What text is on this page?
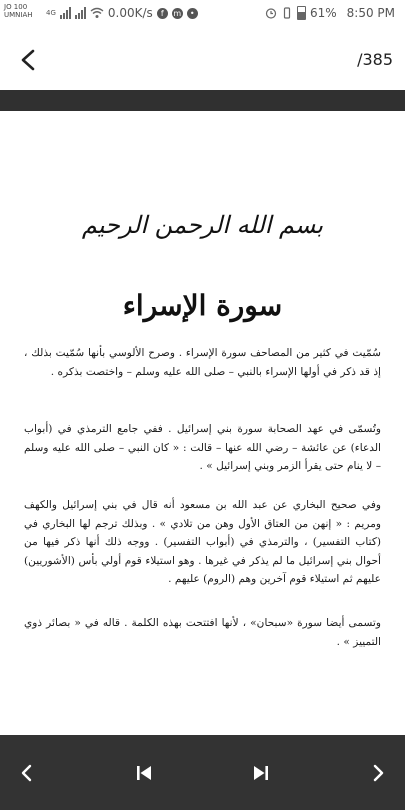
JO 100
UMNIAH 4G	0.00K/s	f	m	•	61% 8:50 PM
/385
بسم الله الرحمن الرحيم
سورة الإسراء
سُمّيت في كثير من المصاحف سورة الإسراء . وصرح الألوسي بأنها سُمّيت بذلك ، إذ قد ذكر في أولها الإسراء بالنبي – صلى الله عليه وسلم – واختصت بذكره .
وتُسمّى في عهد الصحابة سورة بني إسرائيل . ففي جامع الترمذي في (أبواب الدعاء) عن عائشة – رضي الله عنها – قالت : « كان النبي – صلى الله عليه وسلم – لا ينام حتى يقرأ الزمر وبني إسرائيل » .
وفي صحيح البخاري عن عبد الله بن مسعود أنه قال في بني إسرائيل والكهف ومريم : « إنهن من العتاق الأول وهن من تلادي » . وبذلك ترجم لها البخاري في (كتاب التفسير) ، والترمذي في (أبواب التفسير) . ووجه ذلك أنها ذكر فيها من أحوال بني إسرائيل ما لم يذكر في غيرها . وهو استيلاء قوم أولي بأس (الأشوريين) عليهم ثم استيلاء قوم آخرين وهم (الروم) عليهم .
وتسمى أيضا سورة «سبحان» ، لأنها افتتحت بهذه الكلمة . قاله في « بصائر ذوي التمييز » .
